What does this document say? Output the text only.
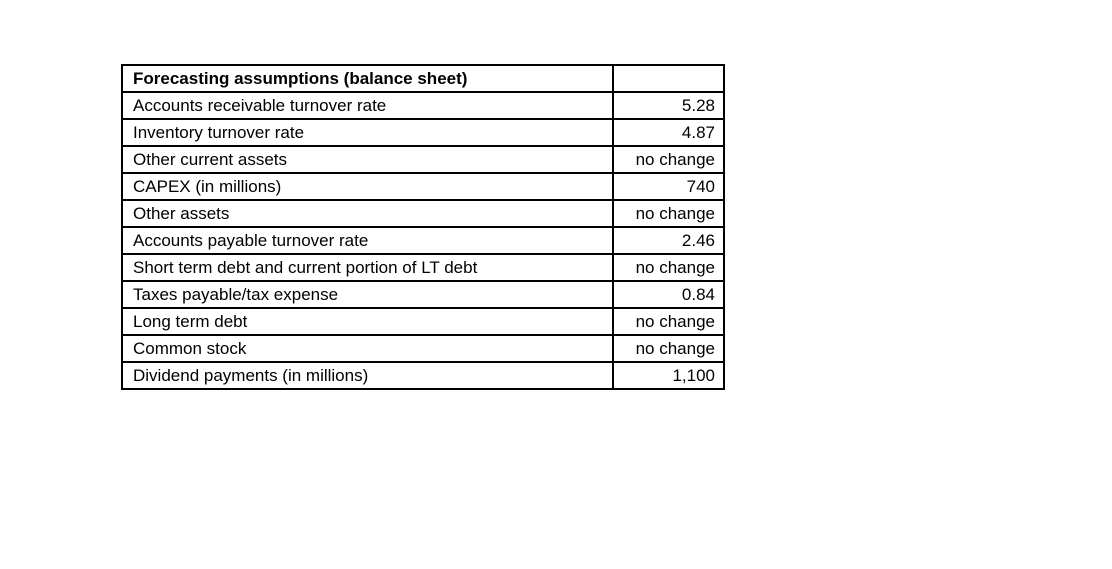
Forecasting assumptions (balance sheet)	
Accounts receivable turnover rate	5.28
Inventory turnover rate	4.87
Other current assets	no change
CAPEX (in millions)	740
Other assets	no change
Accounts payable turnover rate	2.46
Short term debt and current portion of LT debt	no change
Taxes payable/tax expense	0.84
Long term debt	no change
Common stock	no change
Dividend payments (in millions)	1,100
